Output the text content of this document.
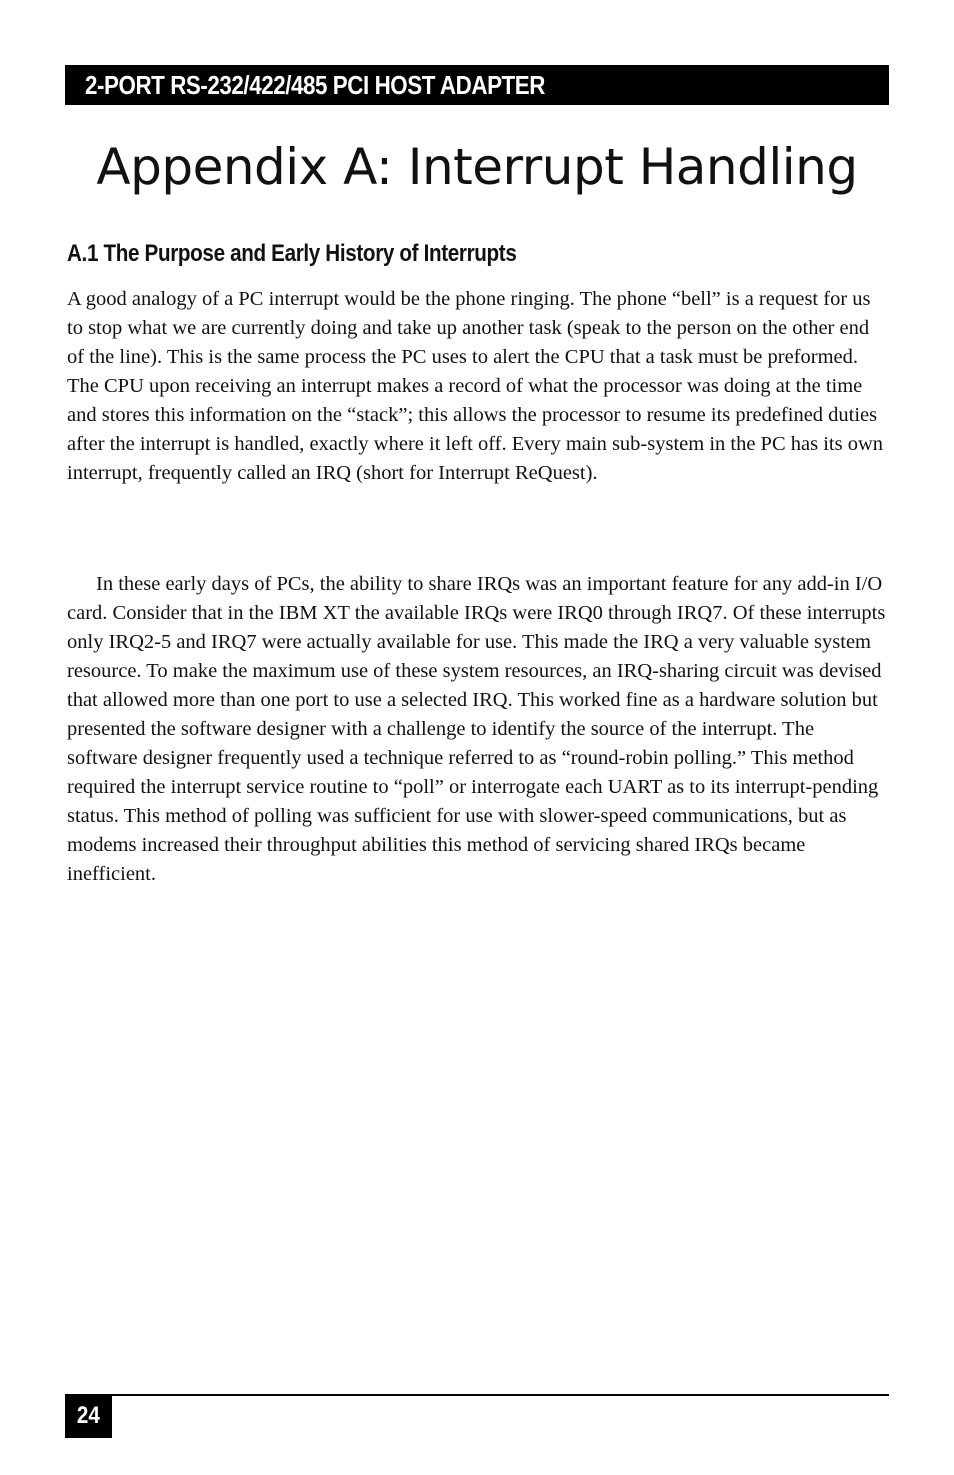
2-PORT RS-232/422/485 PCI HOST ADAPTER
Appendix A: Interrupt Handling
A.1 The Purpose and Early History of Interrupts

A good analogy of a PC interrupt would be the phone ringing. The phone “bell” is a request for us to stop what we are currently doing and take up another task (speak to the person on the other end of the line). This is the same process the PC uses to alert the CPU that a task must be preformed. The CPU upon receiving an interrupt makes a record of what the processor was doing at the time and stores this information on the “stack”; this allows the processor to resume its predefined duties after the interrupt is handled, exactly where it left off. Every main sub-system in the PC has its own interrupt, frequently called an IRQ (short for Interrupt ReQuest).

In these early days of PCs, the ability to share IRQs was an important feature for any add-in I/O card. Consider that in the IBM XT the available IRQs were IRQ0 through IRQ7. Of these interrupts only IRQ2-5 and IRQ7 were actually available for use. This made the IRQ a very valuable system resource. To make the maximum use of these system resources, an IRQ-sharing circuit was devised that allowed more than one port to use a selected IRQ. This worked fine as a hardware solution but presented the software designer with a challenge to identify the source of the interrupt. The software designer frequently used a technique referred to as “round-robin polling.” This method required the interrupt service routine to “poll” or interrogate each UART as to its interrupt-pending status. This method of polling was sufficient for use with slower-speed communications, but as modems increased their throughput abilities this method of servicing shared IRQs became inefficient.

24
